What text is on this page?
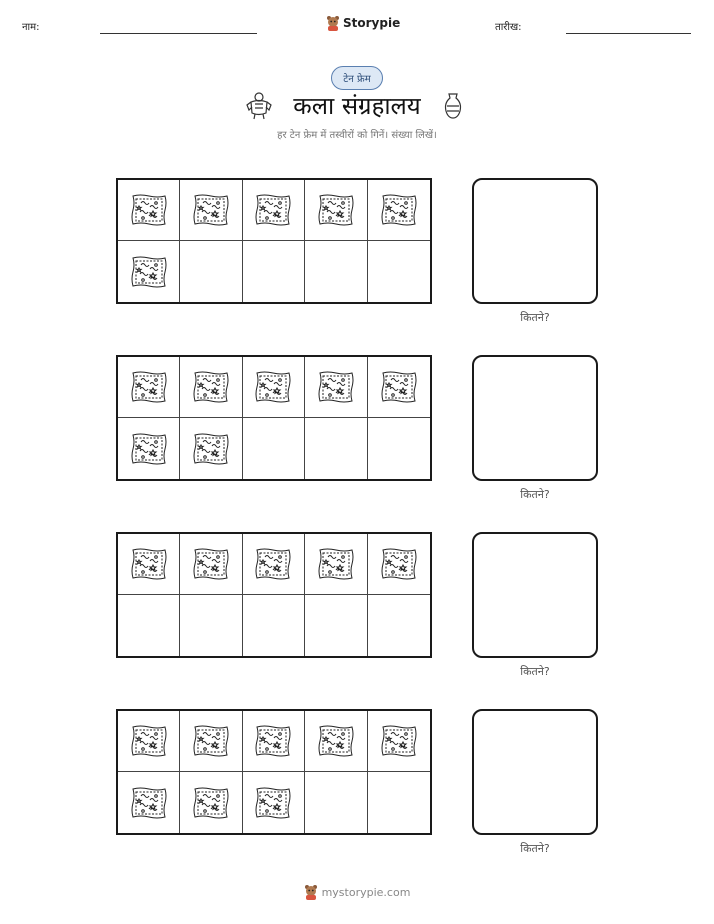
नाम:	Storypie	तारीख:
टेन फ्रेम
कला संग्रहालय
हर टेन फ्रेम में तस्वीरों को गिनें। संख्या लिखें।
कितने?
कितने?
कितने?
कितने?
mystorypie.com
